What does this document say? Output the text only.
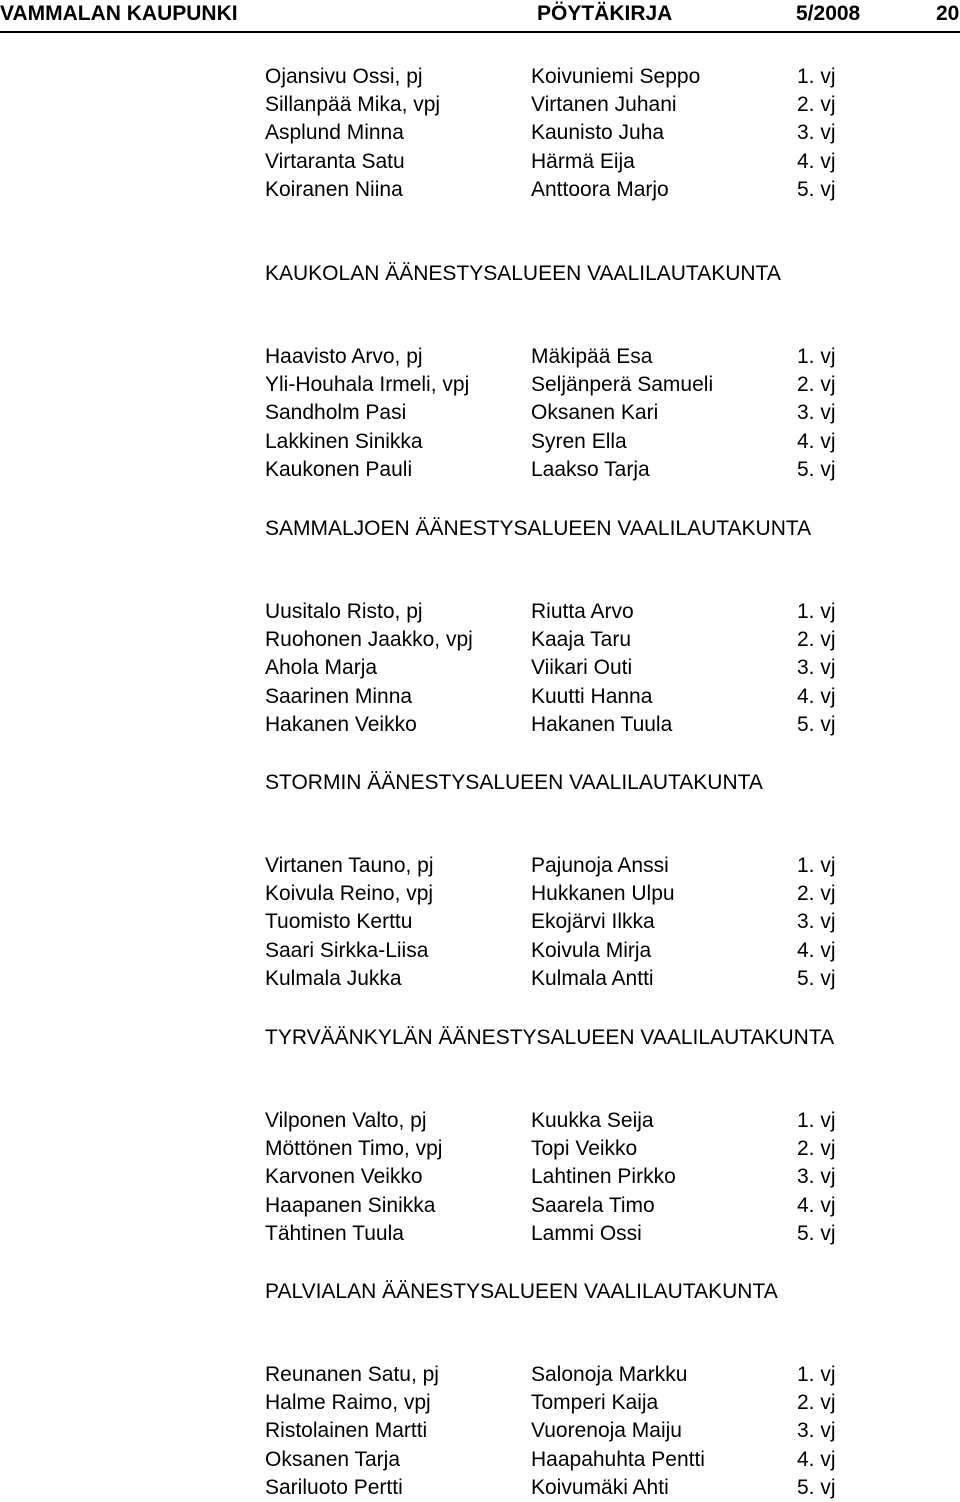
VAMMALAN KAUPUNKI	PÖYTÄKIRJA	5/2008	20
Ojansivu Ossi, pj	Koivuniemi Seppo	1. vj
Sillanpää Mika, vpj	Virtanen Juhani	2. vj
Asplund Minna	Kaunisto Juha	3. vj
Virtaranta Satu	Härmä Eija	4. vj
Koiranen Niina	Anttoora Marjo	5. vj
KAUKOLAN ÄÄNESTYSALUEEN VAALILAUTAKUNTA
Haavisto Arvo, pj	Mäkipää Esa	1. vj
Yli-Houhala Irmeli, vpj	Seljänperä Samueli	2. vj
Sandholm Pasi	Oksanen Kari	3. vj
Lakkinen Sinikka	Syren Ella	4. vj
Kaukonen Pauli	Laakso Tarja	5. vj
SAMMALJOEN ÄÄNESTYSALUEEN VAALILAUTAKUNTA
Uusitalo Risto, pj	Riutta Arvo	1. vj
Ruohonen Jaakko, vpj	Kaaja Taru	2. vj
Ahola Marja	Viikari Outi	3. vj
Saarinen Minna	Kuutti Hanna	4. vj
Hakanen Veikko	Hakanen Tuula	5. vj
STORMIN ÄÄNESTYSALUEEN VAALILAUTAKUNTA
Virtanen Tauno, pj	Pajunoja Anssi	1. vj
Koivula Reino, vpj	Hukkanen Ulpu	2. vj
Tuomisto Kerttu	Ekojärvi Ilkka	3. vj
Saari Sirkka-Liisa	Koivula Mirja	4. vj
Kulmala Jukka	Kulmala Antti	5. vj
TYRVÄÄNKYLÄN ÄÄNESTYSALUEEN VAALILAUTAKUNTA
Vilponen Valto, pj	Kuukka Seija	1. vj
Möttönen Timo, vpj	Topi Veikko	2. vj
Karvonen Veikko	Lahtinen Pirkko	3. vj
Haapanen Sinikka	Saarela Timo	4. vj
Tähtinen Tuula	Lammi Ossi	5. vj
PALVIALAN ÄÄNESTYSALUEEN VAALILAUTAKUNTA
Reunanen Satu, pj	Salonoja Markku	1. vj
Halme Raimo, vpj	Tomperi Kaija	2. vj
Ristolainen Martti	Vuorenoja Maiju	3. vj
Oksanen Tarja	Haapahuhta Pentti	4. vj
Sariluoto Pertti	Koivumäki Ahti	5. vj
